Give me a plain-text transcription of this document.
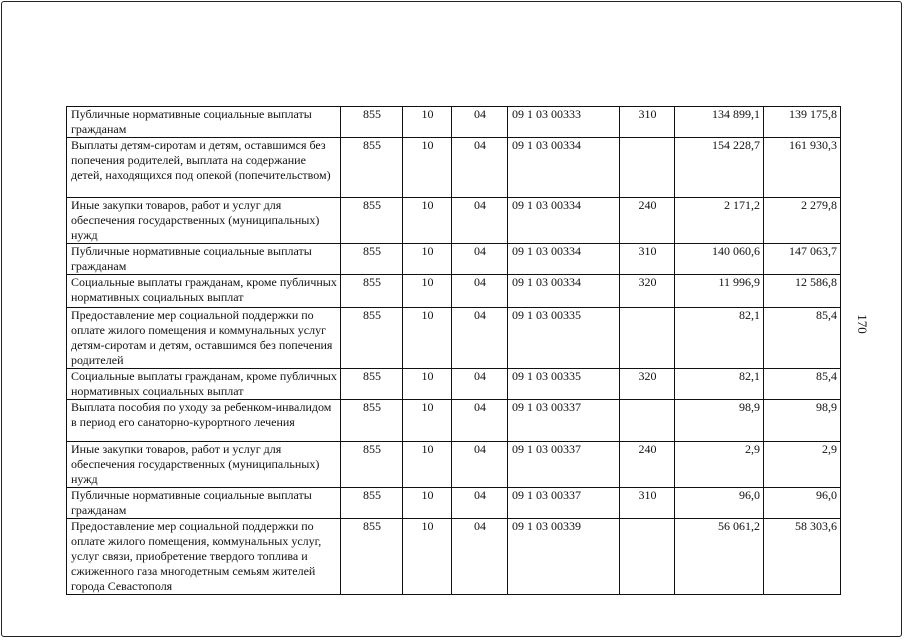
Публичные нормативные социальные выплаты гражданам	855	10	04	09 1 03 00333	310	134 899,1	139 175,8
Выплаты детям-сиротам и детям, оставшимся без попечения родителей, выплата на содержание детей, находящихся под опекой (попечительством)	855	10	04	09 1 03 00334		154 228,7	161 930,3
Иные закупки товаров, работ и услуг для обеспечения государственных (муниципальных) нужд	855	10	04	09 1 03 00334	240	2 171,2	2 279,8
Публичные нормативные социальные выплаты гражданам	855	10	04	09 1 03 00334	310	140 060,6	147 063,7
Социальные выплаты гражданам, кроме публичных нормативных социальных выплат	855	10	04	09 1 03 00334	320	11 996,9	12 586,8
Предоставление мер социальной поддержки по оплате жилого помещения и коммунальных услуг детям-сиротам и детям, оставшимся без попечения родителей	855	10	04	09 1 03 00335		82,1	85,4
Социальные выплаты гражданам, кроме публичных нормативных социальных выплат	855	10	04	09 1 03 00335	320	82,1	85,4
Выплата пособия по уходу за ребенком-инвалидом в период его санаторно-курортного лечения	855	10	04	09 1 03 00337		98,9	98,9
Иные закупки товаров, работ и услуг для обеспечения государственных (муниципальных) нужд	855	10	04	09 1 03 00337	240	2,9	2,9
Публичные нормативные социальные выплаты гражданам	855	10	04	09 1 03 00337	310	96,0	96,0
Предоставление мер социальной поддержки по оплате жилого помещения, коммунальных услуг, услуг связи, приобретение твердого топлива и сжиженного газа многодетным семьям жителей города Севастополя	855	10	04	09 1 03 00339		56 061,2	58 303,6
170
